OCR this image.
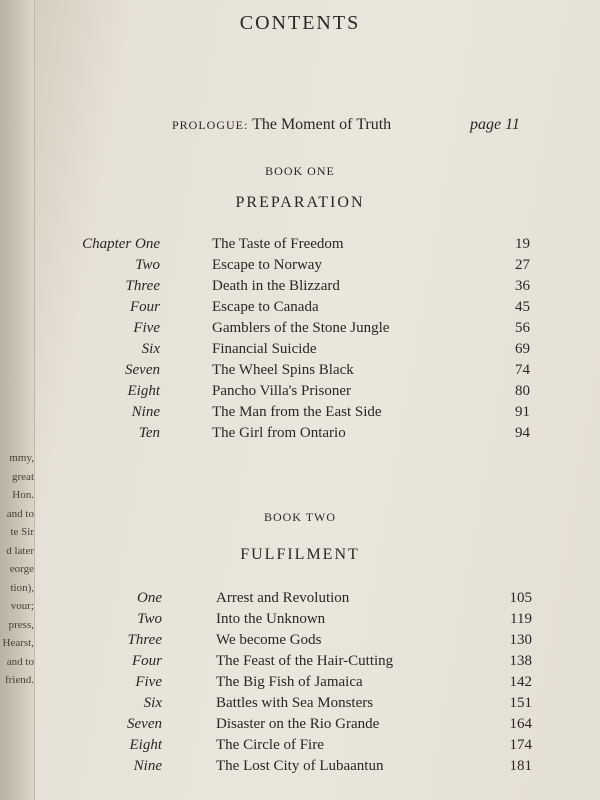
mmy,
great
Hon.
and to
te Sir
d later
eorge
tion),
vour;
press,
Hearst,
and to
friend.
CONTENTS
PROLOGUE: The Moment of Truth	page 11
BOOK ONE
PREPARATION
Chapter One	The Taste of Freedom	19
Two	Escape to Norway	27
Three	Death in the Blizzard	36
Four	Escape to Canada	45
Five	Gamblers of the Stone Jungle	56
Six	Financial Suicide	69
Seven	The Wheel Spins Black	74
Eight	Pancho Villa's Prisoner	80
Nine	The Man from the East Side	91
Ten	The Girl from Ontario	94
BOOK TWO
FULFILMENT
One	Arrest and Revolution	105
Two	Into the Unknown	119
Three	We become Gods	130
Four	The Feast of the Hair-Cutting	138
Five	The Big Fish of Jamaica	142
Six	Battles with Sea Monsters	151
Seven	Disaster on the Rio Grande	164
Eight	The Circle of Fire	174
Nine	The Lost City of Lubaantun	181
